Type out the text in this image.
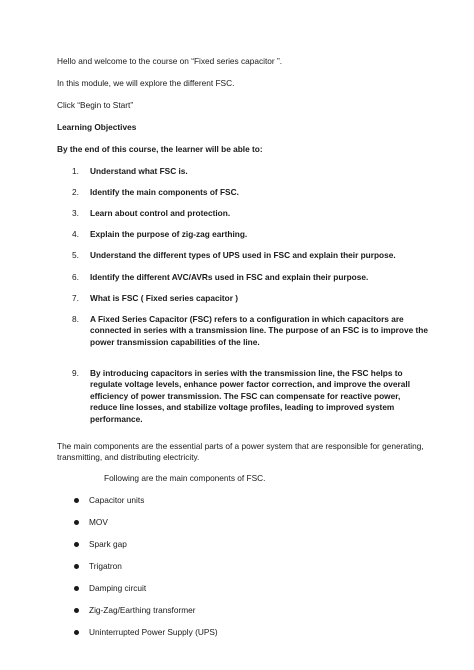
Hello and welcome to the course on “Fixed series capacitor ”.
In this module, we will explore the different FSC.
Click “Begin to Start”
Learning Objectives
By the end of this course, the learner will be able to:
1. Understand what FSC is.
2. Identify the main components of FSC.
3. Learn about control and protection.
4. Explain the purpose of zig-zag earthing.
5. Understand the different types of UPS used in FSC and explain their purpose.
6. Identify the different AVC/AVRs used in FSC and explain their purpose.
7. What is FSC ( Fixed series capacitor )
8. A Fixed Series Capacitor (FSC) refers to a configuration in which capacitors are connected in series with a transmission line. The purpose of an FSC is to improve the power transmission capabilities of the line.
9. By introducing capacitors in series with the transmission line, the FSC helps to regulate voltage levels, enhance power factor correction, and improve the overall efficiency of power transmission. The FSC can compensate for reactive power, reduce line losses, and stabilize voltage profiles, leading to improved system performance.
The main components are the essential parts of a power system that are responsible for generating, transmitting, and distributing electricity.
Following are the main components of FSC.
Capacitor units
MOV
Spark gap
Trigatron
Damping circuit
Zig-Zag/Earthing transformer
Uninterrupted Power Supply (UPS)
